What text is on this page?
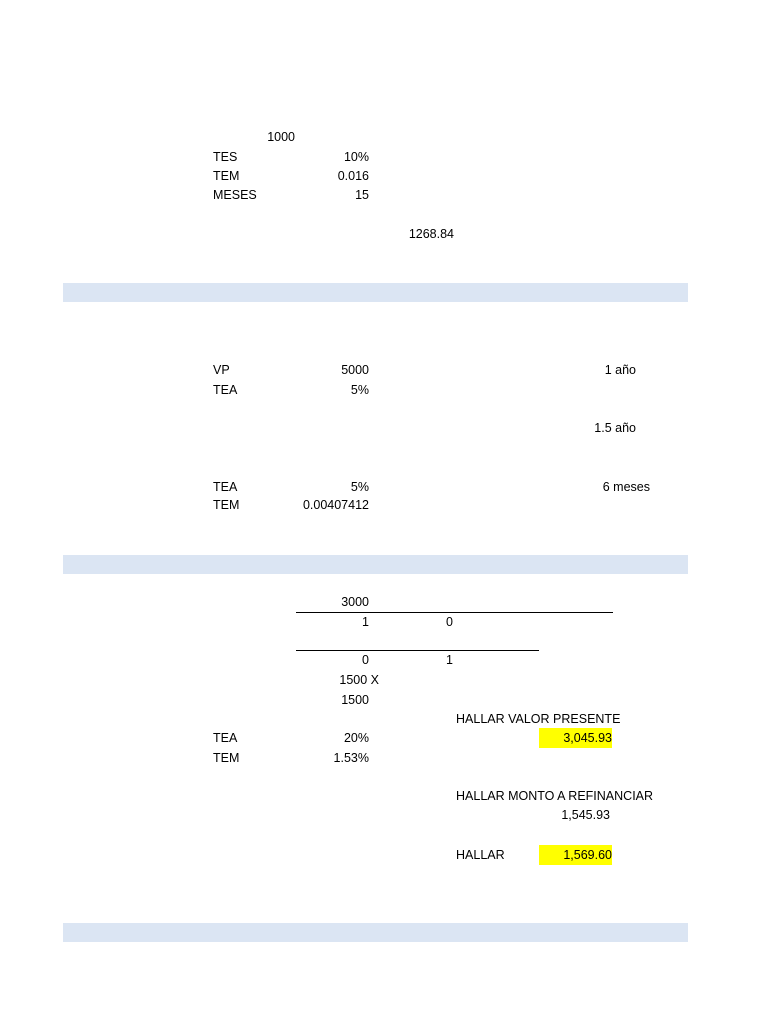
1000
TES	10%
TEM	0.016
MESES	15
1268.84
VP	5000	1 año
TEA	5%
1.5 año
TEA	5%	6 meses
TEM	0.00407412
3000
1	0
0	1
1500 X
1500
HALLAR VALOR PRESENTE
TEA	20%	3,045.93
TEM	1.53%
HALLAR MONTO A REFINANCIAR
1,545.93
HALLAR	1,569.60
